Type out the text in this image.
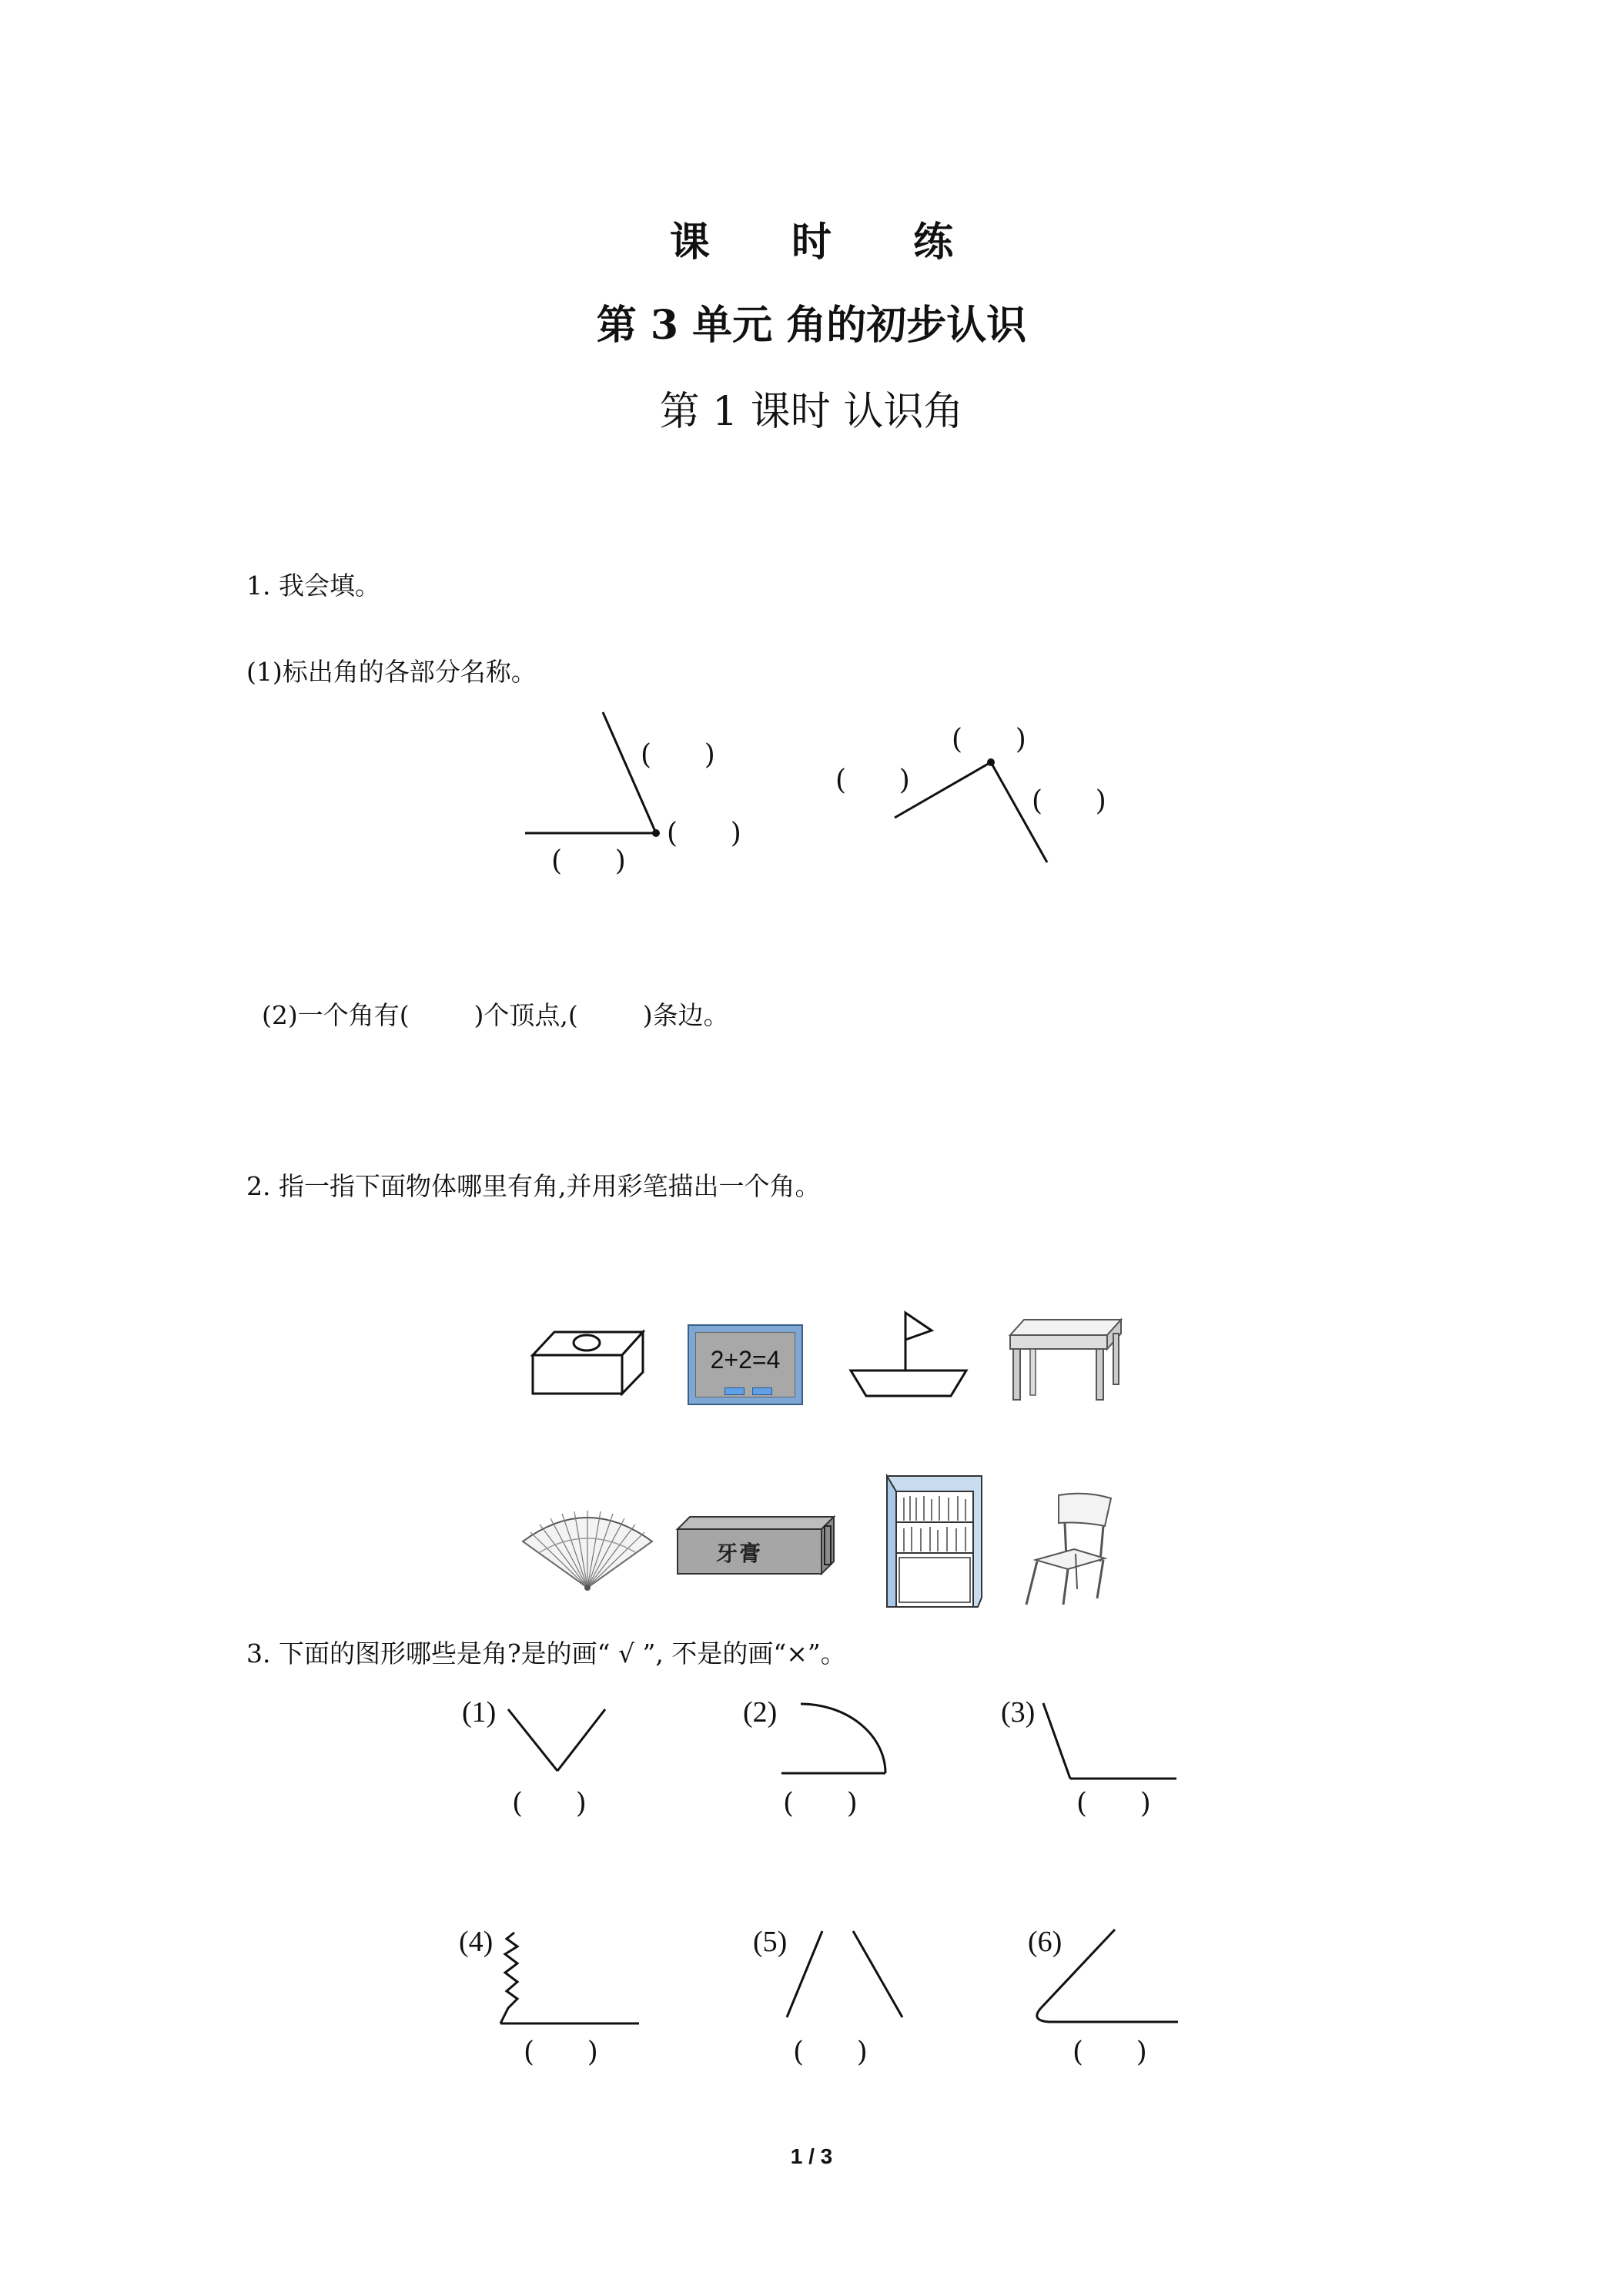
课 时 练
第 3 单元 角的初步认识
第 1 课时 认识角
1. 我会填。
(1)标出角的各部分名称。
(      )
(      )
(      )
(      )
(      )
(      )
(2)一个角有(        )个顶点,(        )条边。
2. 指一指下面物体哪里有角,并用彩笔描出一个角。
2+2=4
牙膏
3. 下面的图形哪些是角?是的画“ √ ”, 不是的画“×”。
(1)
(      )
(2)
(      )
(3)
(      )
(4)
(      )
(5)
(      )
(6)
(      )
1 / 3
